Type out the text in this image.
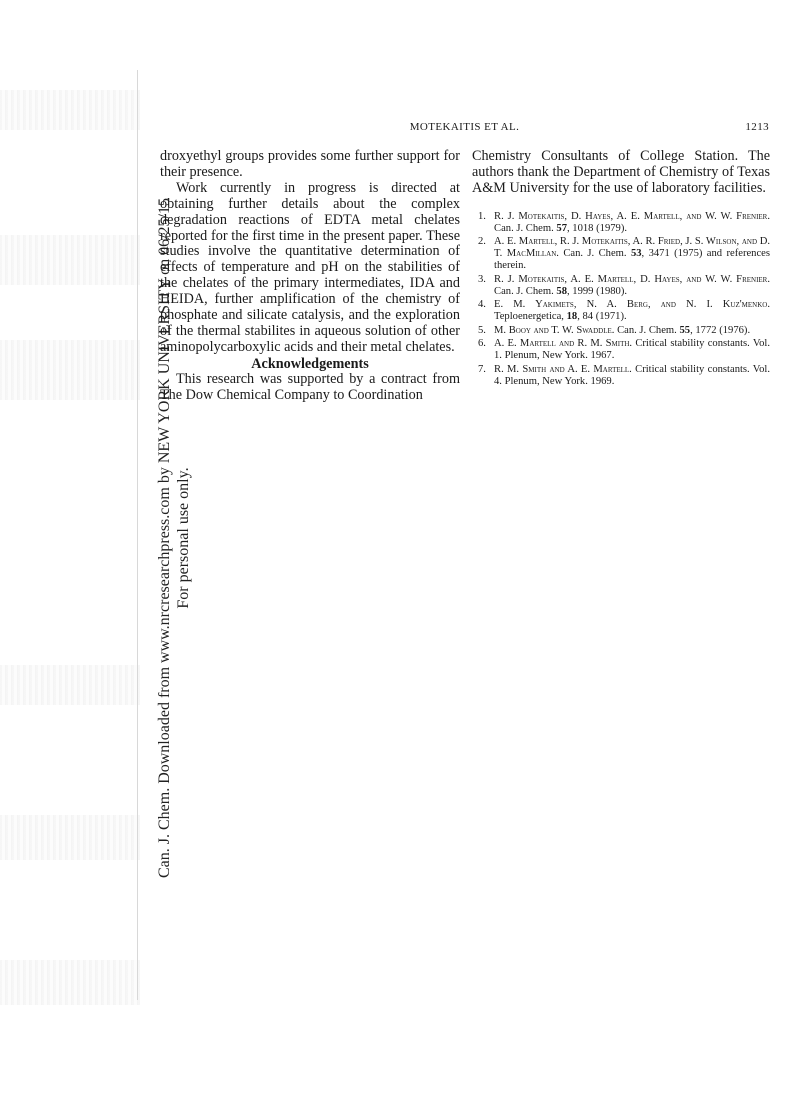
Can. J. Chem. Downloaded from www.nrcresearchpress.com by NEW YORK UNIVERSITY on 06/25/15 For personal use only.
MOTEKAITIS ET AL.	1213

droxyethyl groups provides some further support for their presence.

Work currently in progress is directed at obtaining further details about the complex degradation reactions of EDTA metal chelates reported for the first time in the present paper. These studies involve the quantitative determination of effects of temperature and pH on the stabilities of the chelates of the primary intermediates, IDA and HEIDA, further amplification of the chemistry of phosphate and silicate catalysis, and the exploration of the thermal stabilites in aqueous solution of other aminopolycarboxylic acids and their metal chelates.

Acknowledgements

This research was supported by a contract from The Dow Chemical Company to Coordination

Chemistry Consultants of College Station. The authors thank the Department of Chemistry of Texas A&M University for the use of laboratory facilities.

1. R. J. Motekaitis, D. Hayes, A. E. Martell, and W. W. Frenier. Can. J. Chem. 57, 1018 (1979).
2. A. E. Martell, R. J. Motekaitis, A. R. Fried, J. S. Wilson, and D. T. MacMillan. Can. J. Chem. 53, 3471 (1975) and references therein.
3. R. J. Motekaitis, A. E. Martell, D. Hayes, and W. W. Frenier. Can. J. Chem. 58, 1999 (1980).
4. E. M. Yakimets, N. A. Berg, and N. I. Kuz'menko. Teploenergetica, 18, 84 (1971).
5. M. Booy and T. W. Swaddle. Can. J. Chem. 55, 1772 (1976).
6. A. E. Martell and R. M. Smith. Critical stability constants. Vol. 1. Plenum, New York. 1967.
7. R. M. Smith and A. E. Martell. Critical stability constants. Vol. 4. Plenum, New York. 1969.
